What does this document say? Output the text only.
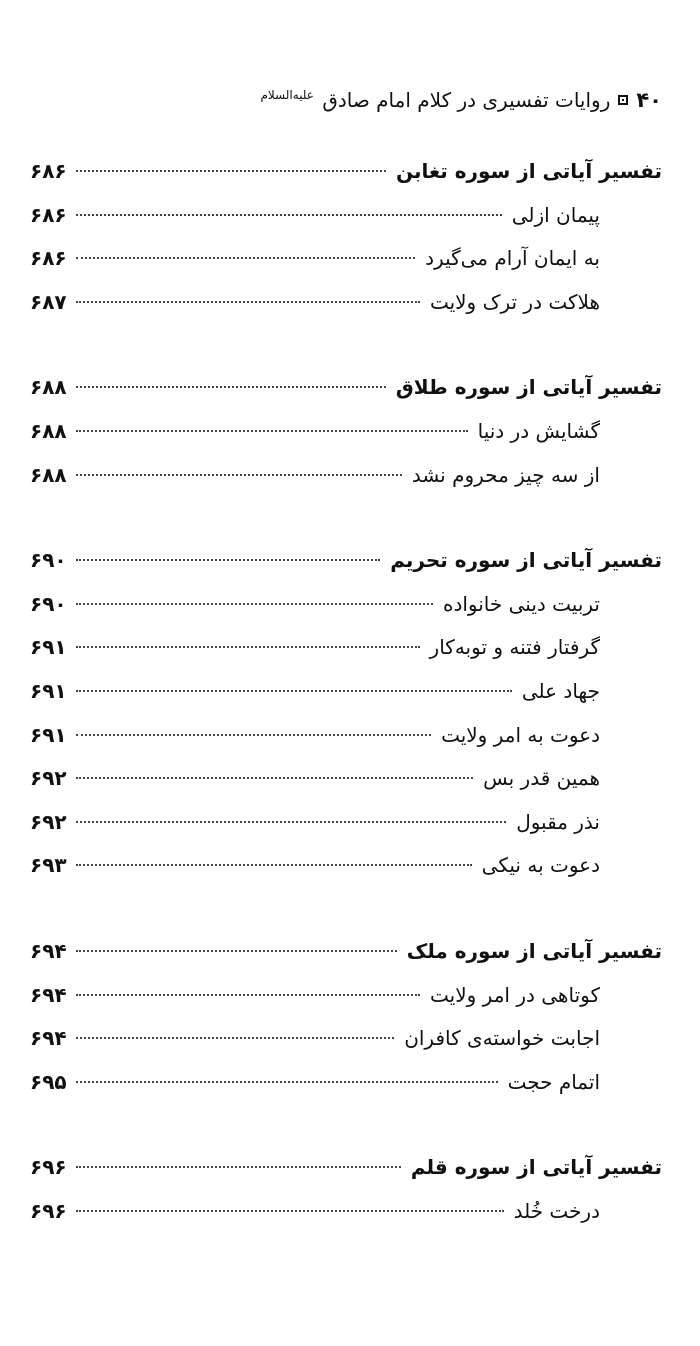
۴۰
روایات تفسیری در کلام امام صادق $^{علیه‌السلام}$
تفسیر آیاتی از سوره تغابن
۶۸۶
پیمان ازلی
۶۸۶
به ایمان آرام می‌گیرد
۶۸۶
هلاکت در ترک ولایت
۶۸۷
تفسیر آیاتی از سوره طلاق
۶۸۸
گشایش در دنیا
۶۸۸
از سه چیز محروم نشد
۶۸۸
تفسیر آیاتی از سوره تحریم
۶۹۰
تربیت دینی خانواده
۶۹۰
گرفتار فتنه و توبه‌کار
۶۹۱
جهاد علی
۶۹۱
دعوت به امر ولایت
۶۹۱
همین قدر بس
۶۹۲
نذر مقبول
۶۹۲
دعوت به نیکی
۶۹۳
تفسیر آیاتی از سوره ملک
۶۹۴
کوتاهی در امر ولایت
۶۹۴
اجابت خواسته‌ی کافران
۶۹۴
اتمام حجت
۶۹۵
تفسیر آیاتی از سوره قلم
۶۹۶
درخت خُلد
۶۹۶
